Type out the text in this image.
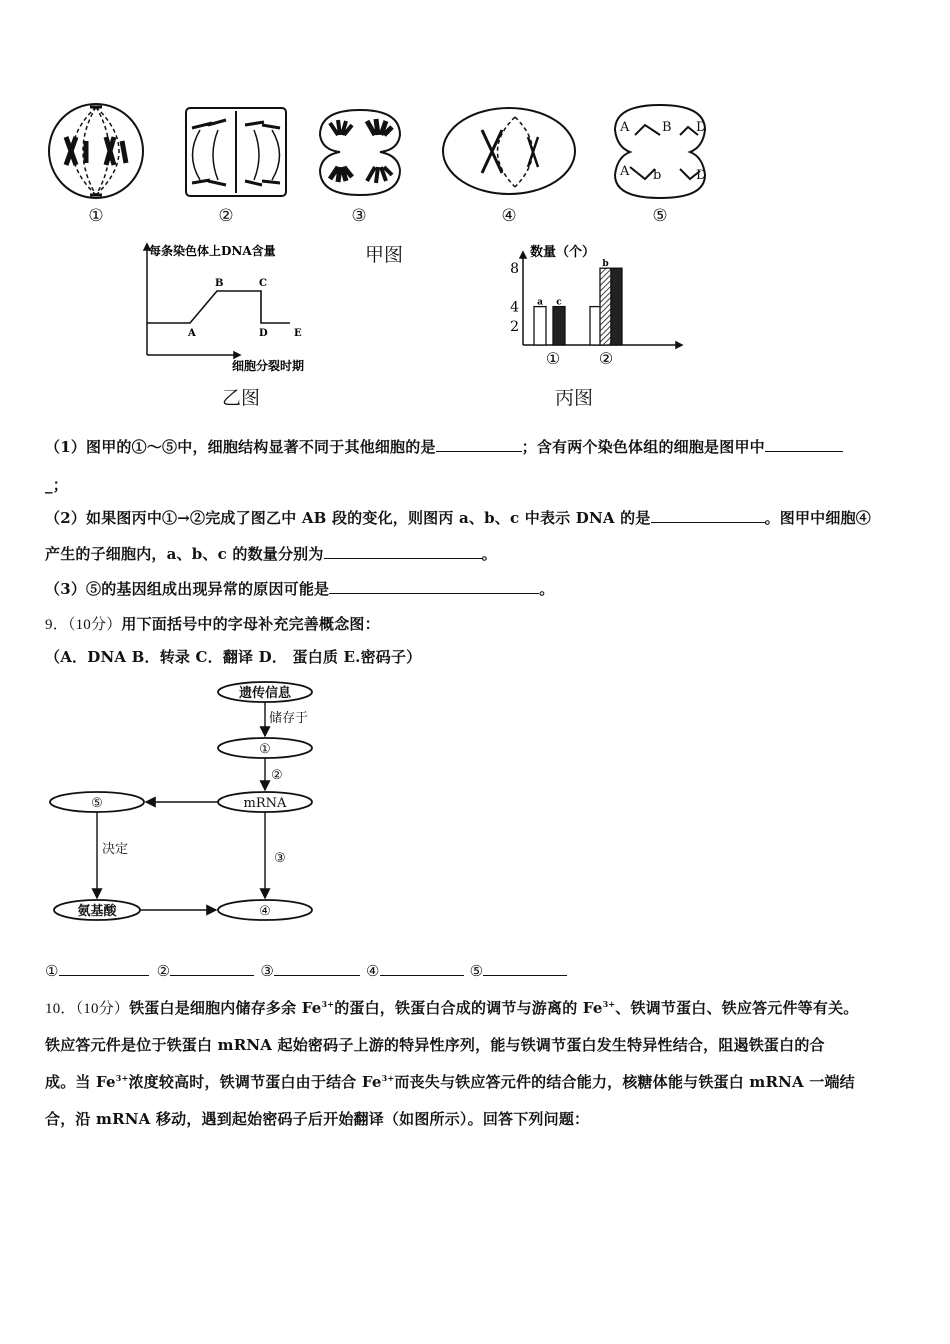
A	B D
A b	D
①	②	③	④	⑤
甲图
每条染色体上DNA含量
细胞分裂时期
A
B	C
D	E
乙图
数量（个）
2
4
8
a c
b
① ②
丙图
（1）图甲的①～⑤中，细胞结构显著不同于其他细胞的是	；含有两个染色体组的细胞是图甲中
_；
（2）如果图丙中①→②完成了图乙中 AB 段的变化，则图丙 a、b、c 中表示 DNA 的是	。图甲中细胞④
产生的子细胞内，a、b、c 的数量分别为	。
（3）⑤的基因组成出现异常的原因可能是	。
9．（10分）用下面括号中的字母补充完善概念图：
（A．DNA B．转录 C．翻译 D． 蛋白质 E.密码子）
遗传信息
①
mRNA
⑤
氨基酸	④
储存于
②
决定
③
①	②	③	④	⑤
10．（10分）铁蛋白是细胞内储存多余 $Fe^{3+}$的蛋白，铁蛋白合成的调节与游离的 $Fe^{3+}$、铁调节蛋白、铁应答元件等有关。
铁应答元件是位于铁蛋白 mRNA 起始密码子上游的特异性序列，能与铁调节蛋白发生特异性结合，阻遏铁蛋白的合
成。当 $Fe^{3+}$浓度较高时，铁调节蛋白由于结合 $Fe^{3+}$而丧失与铁应答元件的结合能力，核糖体能与铁蛋白 mRNA 一端结
合，沿 mRNA 移动，遇到起始密码子后开始翻译（如图所示）。回答下列问题：
